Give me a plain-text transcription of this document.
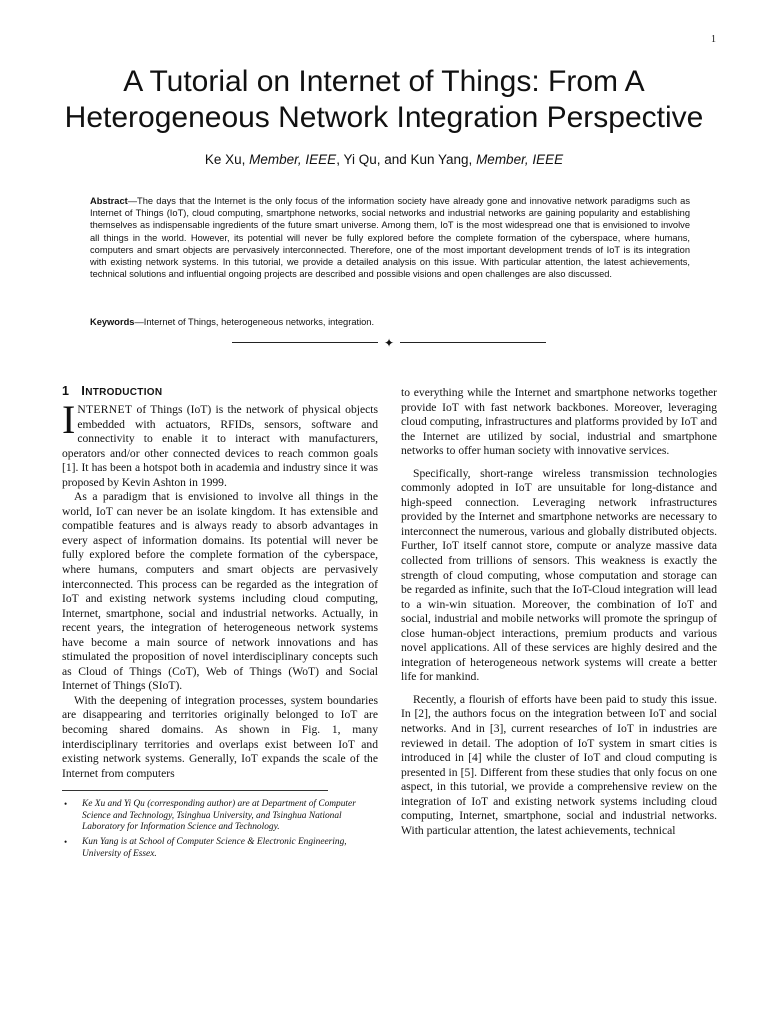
1
A Tutorial on Internet of Things: From A
Heterogeneous Network Integration Perspective
Ke Xu, Member, IEEE, Yi Qu, and Kun Yang, Member, IEEE

Abstract—The days that the Internet is the only focus of the information society have already gone and innovative network paradigms such as Internet of Things (IoT), cloud computing, smartphone networks, social networks and industrial networks are gaining popularity and establishing themselves as indispensable ingredients of the future smart universe. Among them, IoT is the most widespread one that is envisioned to involve all things in the world. However, its potential will never be fully explored before the complete formation of the cyberspace, where humans, computers and smart objects are pervasively interconnected. Therefore, one of the most important development trends of IoT is its integration with existing network systems. In this tutorial, we provide a detailed analysis on this issue. With particular attention, the latest achievements, technical solutions and influential ongoing projects are described and possible visions and open challenges are also discussed.

Keywords—Internet of Things, heterogeneous networks, integration.

✦
1 INTRODUCTION

INTERNET of Things (IoT) is the network of physical objects embedded with actuators, RFIDs, sensors, software and connectivity to enable it to interact with manufacturers, operators and/or other connected devices to reach common goals [1]. It has been a hotspot both in academia and industry since it was proposed by Kevin Ashton in 1999.

As a paradigm that is envisioned to involve all things in the world, IoT can never be an isolate kingdom. It has extensible and compatible features and is always ready to absorb advantages in every aspect of information domains. Its potential will never be fully explored before the complete formation of the cyberspace, where humans, computers and smart objects are pervasively interconnected. This process can be regarded as the integration of IoT and existing network systems including cloud computing, Internet, smartphone, social and industrial networks. Actually, in recent years, the integration of heterogeneous network systems have become a main source of network innovations and has stimulated the proposition of novel interdisciplinary concepts such as Cloud of Things (CoT), Web of Things (WoT) and Social Internet of Things (SIoT).

With the deepening of integration processes, system boundaries are disappearing and territories originally belonged to IoT are becoming shared domains. As shown in Fig. 1, many interdisciplinary territories and overlaps exist between IoT and existing network systems. Generally, IoT expands the scale of the Internet from computers

• Ke Xu and Yi Qu (corresponding author) are at Department of Computer Science and Technology, Tsinghua University, and Tsinghua National Laboratory for Information Science and Technology.
• Kun Yang is at School of Computer Science & Electronic Engineering, University of Essex.

to everything while the Internet and smartphone networks together provide IoT with fast network backbones. Moreover, leveraging cloud computing, infrastructures and platforms provided by IoT and the Internet are utilized by social, industrial and smartphone networks to offer human society with innovative services.

Specifically, short-range wireless transmission technologies commonly adopted in IoT are unsuitable for long-distance and high-speed connection. Leveraging network infrastructures provided by the Internet and smartphone networks are necessary to interconnect the numerous, various and globally distributed objects. Further, IoT itself cannot store, compute or analyze massive data collected from trillions of sensors. This weakness is exactly the strength of cloud computing, whose computation and storage can be regarded as infinite, such that the IoT-Cloud integration will lead to a win-win situation. Moreover, the combination of IoT and social, industrial and mobile networks will promote the springup of close human-object interactions, premium products and various novel applications. All of these services are highly desired and the integration of heterogeneous network systems will create a better life for mankind.

Recently, a flourish of efforts have been paid to study this issue. In [2], the authors focus on the integration between IoT and social networks. And in [3], current researches of IoT in industries are reviewed in detail. The adoption of IoT system in smart cities is introduced in [4] while the cluster of IoT and cloud computing is presented in [5]. Different from these studies that only focus on one aspect, in this tutorial, we provide a comprehensive review on the integration of IoT and existing network systems including cloud computing, Internet, smartphone, social and industrial networks. With particular attention, the latest achievements, technical
